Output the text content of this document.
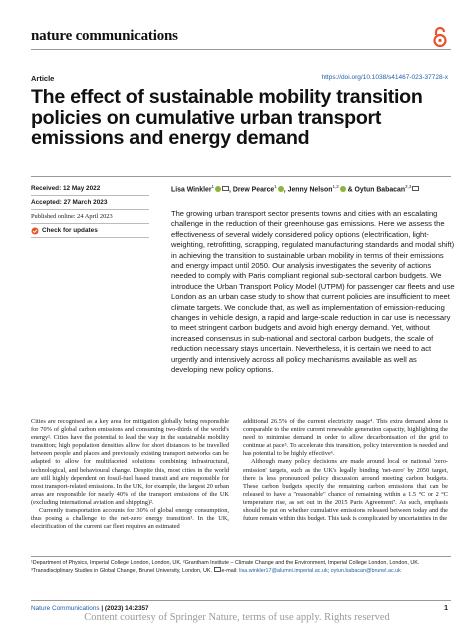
nature communications
Article	https://doi.org/10.1038/s41467-023-37728-x
The effect of sustainable mobility transition policies on cumulative urban transport emissions and energy demand
Received: 12 May 2022
Accepted: 27 March 2023
Published online: 24 April 2023
Check for updates
Lisa Winkler$^1$ , Drew Pearce$^1$ , Jenny Nelson$^{1,2}$ & Oytun Babacan$^{2,3}$
The growing urban transport sector presents towns and cities with an escalating challenge in the reduction of their greenhouse gas emissions. Here we assess the effectiveness of several widely considered policy options (electrification, light-weighting, retrofitting, scrapping, regulated manufacturing standards and modal shift) in achieving the transition to sustainable urban mobility in terms of their emissions and energy impact until 2050. Our analysis investigates the severity of actions needed to comply with Paris compliant regional sub-sectoral carbon budgets. We introduce the Urban Transport Policy Model (UTPM) for passenger car fleets and use London as an urban case study to show that current policies are insufficient to meet climate targets. We conclude that, as well as implementation of emission-reducing changes in vehicle design, a rapid and large-scale reduction in car use is necessary to meet stringent carbon budgets and avoid high energy demand. Yet, without increased consensus in sub-national and sectoral carbon budgets, the scale of reduction necessary stays uncertain. Nevertheless, it is certain we need to act urgently and intensively across all policy mechanisms available as well as developing new policy options.

Cities are recognised as a key area for mitigation globally being responsible for 70% of global carbon emissions and consuming two-thirds of the world's energy¹. Cities have the potential to lead the way in the sustainable mobility transition; high population densities allow for short distances to be travelled between people and places and previously existing transport networks can be adapted to allow for multifaceted solutions combining infrastructural, technological, and behavioural change. Despite this, most cities in the world are still highly dependent on fossil-fuel based transit and are responsible for most transport-related emissions. In the UK, for example, the largest 20 urban areas are responsible for nearly 40% of the transport emissions of the UK (excluding international aviation and shipping)².

Currently transportation accounts for 30% of global energy consumption, thus posing a challenge to the net-zero energy transition³. In the UK, electrification of the current car fleet requires an estimated

additional 26.5% of the current electricity usage⁴. This extra demand alone is comparable to the entire current renewable generation capacity, highlighting the need to minimise demand in order to allow decarbonisation of the grid to continue at pace⁵. To accelerate this transition, policy intervention is needed and has potential to be highly effective⁶.

Although many policy decisions are made around local or national 'zero-emission' targets, such as the UK's legally binding 'net-zero' by 2050 target, there is less pronounced policy discussion around meeting carbon budgets. These carbon budgets specify the remaining carbon emissions that can be released to have a "reasonable" chance of remaining within a 1.5 °C or 2 °C temperature rise, as set out in the 2015 Paris Agreement⁷. As such, emphasis should be put on whether cumulative emissions released between today and the future remain within this budget. This task is complicated by uncertainties in the

¹Department of Physics, Imperial College London, London, UK. ²Grantham Institute – Climate Change and the Environment, Imperial College London, London, UK. ³Transdisciplinary Studies in Global Change, Brunel University, London, UK. e-mail: lisa.winkler17@alumni.imperial.ac.uk; oytun.babacan@brunel.ac.uk
Nature Communications | (2023) 14:2357	1
Content courtesy of Springer Nature, terms of use apply. Rights reserved
